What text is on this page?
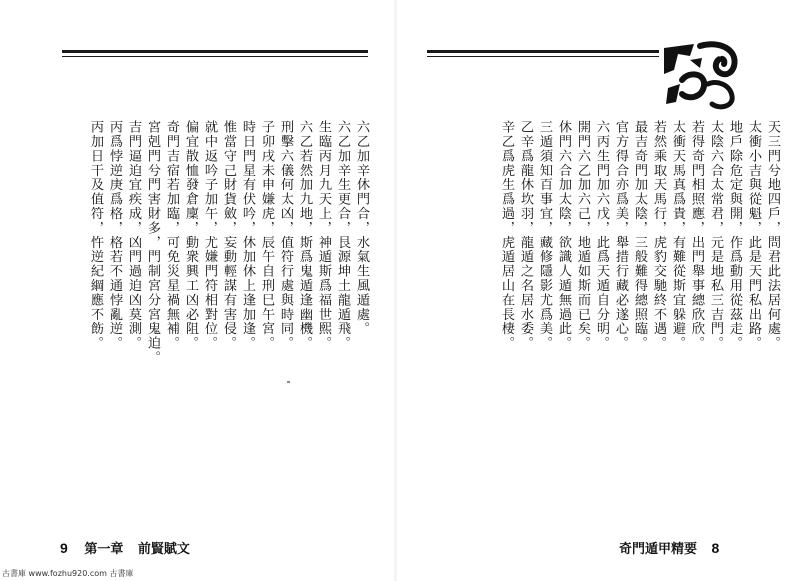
六乙加辛休門合，水氣生風遁處。
六乙加辛生更合，艮源坤土龍遁飛。
生臨丙月九天上，神遁斯爲福世熙。
六乙若然加九地，斯爲鬼遁逢幽機。
刑擊六儀何太凶，值符行處與時同。
子卯戌未申嫌虎，辰午自刑巳午宮。
時日門星有伏吟，休加休上逢加逢。
惟當守己財貨斂，妄動輕謀有害侵。
就中返吟子加午，尤嫌門符相對位。
偏宜散恤發倉廩，動衆興工凶必阻。
奇門吉宿若加臨，可免災星禍無補。
宮剋門兮門害財多，門制宮分宮鬼迫。
吉門逼迫宜疾成，凶門過迫凶莫測。
丙爲悖逆庚爲格，格若不通悖亂逆。
丙加日干及值符，忤逆紀綱應不飭。
9 第一章 前賢賦文
天三門兮地四戶，問君此法居何處。
太衝小吉與從魁，此是天門私出路。
地戶除危定與開，作爲動用從茲走。
太陰六合太常君，元是地私三吉門。
若得奇門相照應，出門舉事總欣欣。
太衝天馬真爲貴，有難從斯宜躲避。
若然乘取天馬行，虎豹交馳終不遇。
最吉奇門加太陰，三般難得總照臨。
官方得合亦爲美，舉措行藏必遂心。
六丙生門加六戊，此爲天遁自分明。
開門六乙加六己，地遁如斯而已矣。
休門六合加太陰，欲識人遁無過此。
三遁須知百事宜，藏修隱影尤爲美。
乙辛爲龍休坎羽，龍遁之名居水委。
辛乙爲虎生爲過，虎遁居山在長棲。
奇門遁甲精要 8
古書庫 www.fozhu920.com 古書庫
